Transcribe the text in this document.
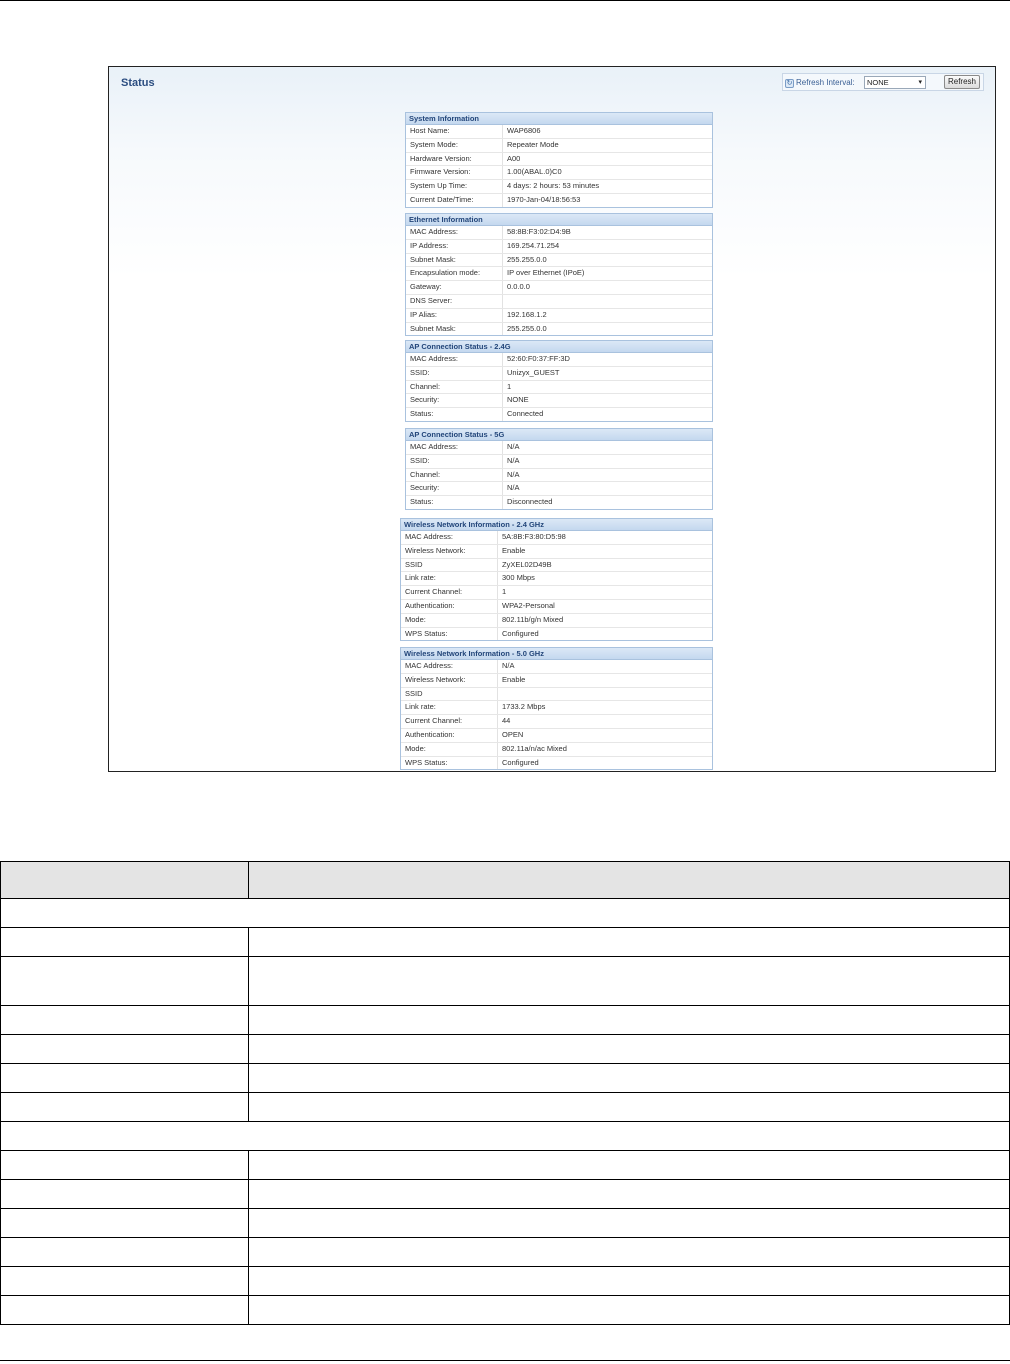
Status	↻ Refresh Interval:	NONE	▾	Refresh
System Information
Host Name:	WAP6806
System Mode:	Repeater Mode
Hardware Version:	A00
Firmware Version:	1.00(ABAL.0)C0
System Up Time:	4 days: 2 hours: 53 minutes
Current Date/Time:	1970-Jan-04/18:56:53
Ethernet Information
MAC Address:	58:8B:F3:02:D4:9B
IP Address:	169.254.71.254
Subnet Mask:	255.255.0.0
Encapsulation mode:	IP over Ethernet (IPoE)
Gateway:	0.0.0.0
DNS Server:
IP Alias:	192.168.1.2
Subnet Mask:	255.255.0.0
AP Connection Status - 2.4G
MAC Address:	52:60:F0:37:FF:3D
SSID:	Unizyx_GUEST
Channel:	1
Security:	NONE
Status:	Connected
AP Connection Status - 5G
MAC Address:	N/A
SSID:	N/A
Channel:	N/A
Security:	N/A
Status:	Disconnected
Wireless Network Information - 2.4 GHz
MAC Address:	5A:8B:F3:80:D5:98
Wireless Network:	Enable
SSID	ZyXEL02D49B
Link rate:	300 Mbps
Current Channel:	1
Authentication:	WPA2-Personal
Mode:	802.11b/g/n Mixed
WPS Status:	Configured
Wireless Network Information - 5.0 GHz
MAC Address:	N/A
Wireless Network:	Enable
SSID
Link rate:	1733.2 Mbps
Current Channel:	44
Authentication:	OPEN
Mode:	802.11a/n/ac Mixed
WPS Status:	Configured
